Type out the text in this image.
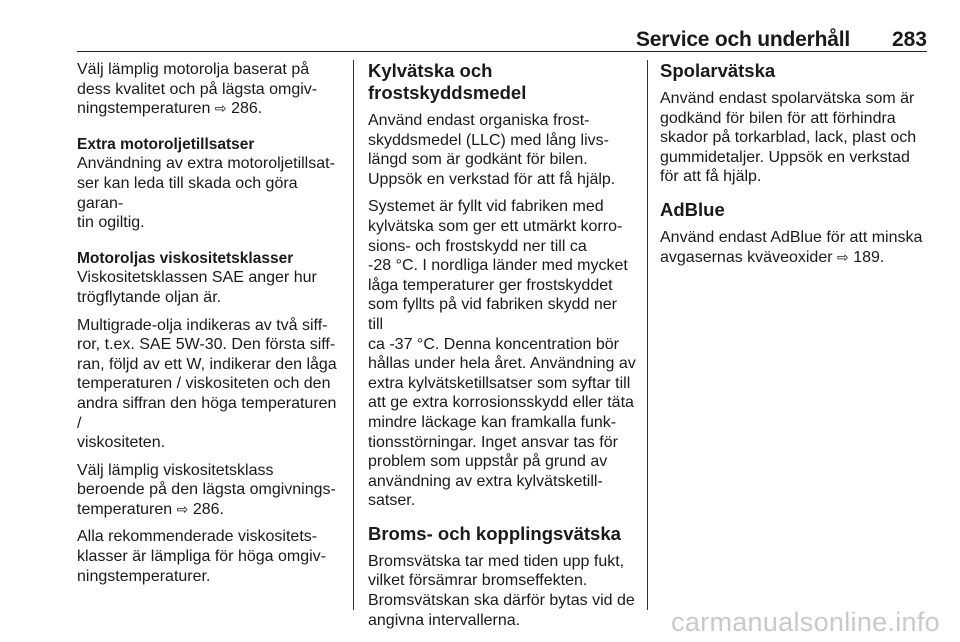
Service och underhåll 283

Välj lämplig motorolja baserat på
dess kvalitet och på lägsta omgiv-
ningstemperaturen ⇨ 286.

Extra motoroljetillsatser

Användning av extra motoroljetillsat-
ser kan leda till skada och göra garan-
tin ogiltig.

Motoroljas viskositetsklasser

Viskositetsklassen SAE anger hur
trögflytande oljan är.

Multigrade-olja indikeras av två siff-
ror, t.ex. SAE 5W-30. Den första siff-
ran, följd av ett W, indikerar den låga
temperaturen / viskositeten och den
andra siffran den höga temperaturen /
viskositeten.

Välj lämplig viskositetsklass
beroende på den lägsta omgivnings-
temperaturen ⇨ 286.

Alla rekommenderade viskositets-
klasser är lämpliga för höga omgiv-
ningstemperaturer.

Kylvätska och frostskyddsmedel

Använd endast organiska frost-
skyddsmedel (LLC) med lång livs-
längd som är godkänt för bilen.
Uppsök en verkstad för att få hjälp.

Systemet är fyllt vid fabriken med
kylvätska som ger ett utmärkt korro-
sions- och frostskydd ner till ca
-28 °C. I nordliga länder med mycket
låga temperaturer ger frostskyddet
som fyllts på vid fabriken skydd ner till
ca -37 °C. Denna koncentration bör
hållas under hela året. Användning av
extra kylvätsketillsatser som syftar till
att ge extra korrosionsskydd eller täta
mindre läckage kan framkalla funk-
tionsstörningar. Inget ansvar tas för
problem som uppstår på grund av
användning av extra kylvätsketill-
satser.

Broms- och kopplingsvätska

Bromsvätska tar med tiden upp fukt,
vilket försämrar bromseffekten.
Bromsvätskan ska därför bytas vid de
angivna intervallerna.

Spolarvätska

Använd endast spolarvätska som är
godkänd för bilen för att förhindra
skador på torkarblad, lack, plast och
gummidetaljer. Uppsök en verkstad
för att få hjälp.

AdBlue

Använd endast AdBlue för att minska
avgasernas kväveoxider ⇨ 189.

carmanualsonline.info
